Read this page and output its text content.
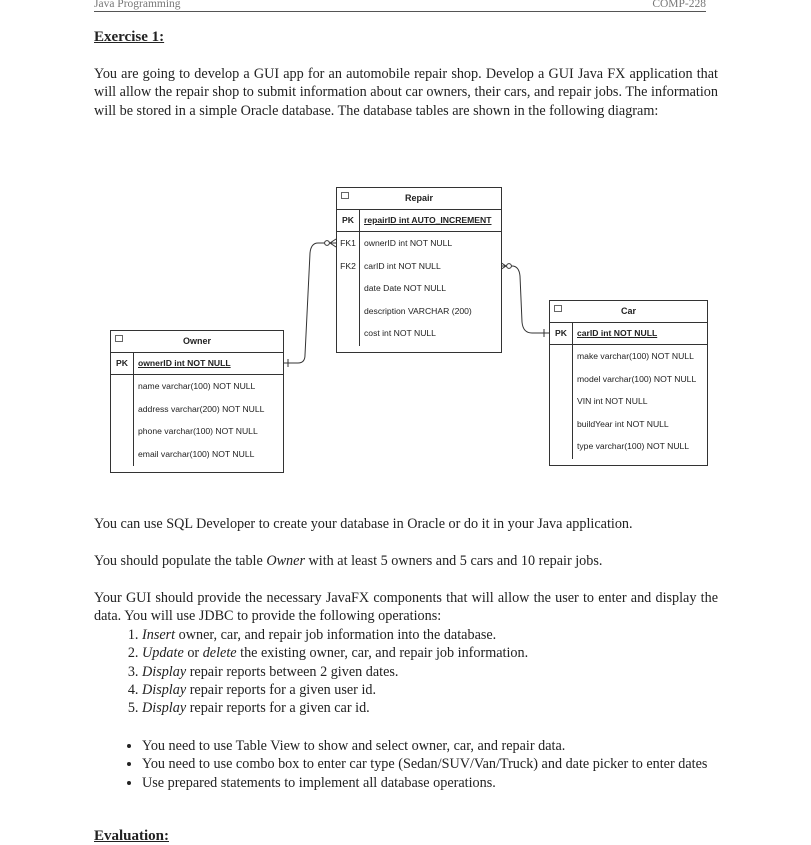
Java Programming	COMP-228
Exercise 1:

You are going to develop a GUI app for an automobile repair shop. Develop a GUI Java FX application that will allow the repair shop to submit information about car owners, their cars, and repair jobs. The information will be stored in a simple Oracle database. The database tables are shown in the following diagram:

Repair
PK	repairID int AUTO_INCREMENT
FK1 ownerID int NOT NULL
FK2 carID int NOT NULL
date Date NOT NULL
description VARCHAR (200)
cost int NOT NULL
Owner
PK	ownerID int NOT NULL
name varchar(100) NOT NULL
address varchar(200) NOT NULL
phone varchar(100) NOT NULL
email varchar(100) NOT NULL
Car
PK	carID int NOT NULL
make varchar(100) NOT NULL
model varchar(100) NOT NULL
VIN int NOT NULL
buildYear int NOT NULL
type varchar(100) NOT NULL

You can use SQL Developer to create your database in Oracle or do it in your Java application.

You should populate the table Owner with at least 5 owners and 5 cars and 10 repair jobs.

Your GUI should provide the necessary JavaFX components that will allow the user to enter and display the data. You will use JDBC to provide the following operations:

1. Insert owner, car, and repair job information into the database.
2. Update or delete the existing owner, car, and repair job information.
3. Display repair reports between 2 given dates.
4. Display repair reports for a given user id.
5. Display repair reports for a given car id.
• You need to use Table View to show and select owner, car, and repair data.
• You need to use combo box to enter car type (Sedan/SUV/Van/Truck) and date picker to enter dates
• Use prepared statements to implement all database operations.
Evaluation:
